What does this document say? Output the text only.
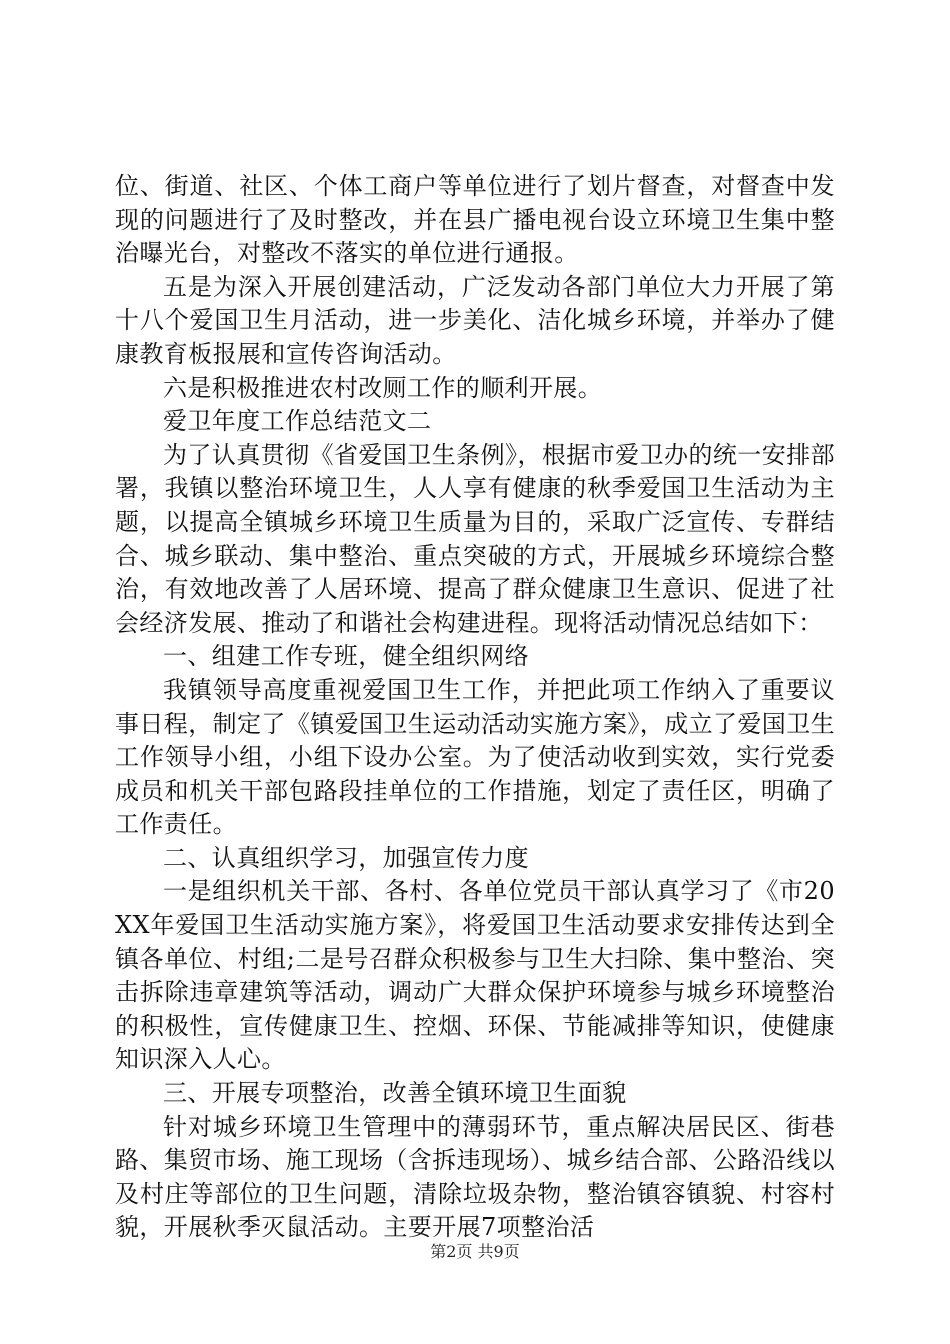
位、街道、社区、个体工商户等单位进行了划片督查，对督查中发现的问题进行了及时整改，并在县广播电视台设立环境卫生集中整治曝光台，对整改不落实的单位进行通报。

五是为深入开展创建活动，广泛发动各部门单位大力开展了第十八个爱国卫生月活动，进一步美化、洁化城乡环境，并举办了健康教育板报展和宣传咨询活动。

六是积极推进农村改厕工作的顺利开展。

爱卫年度工作总结范文二

为了认真贯彻《省爱国卫生条例》，根据市爱卫办的统一安排部署，我镇以整治环境卫生，人人享有健康的秋季爱国卫生活动为主题，以提高全镇城乡环境卫生质量为目的，采取广泛宣传、专群结合、城乡联动、集中整治、重点突破的方式，开展城乡环境综合整治，有效地改善了人居环境、提高了群众健康卫生意识、促进了社会经济发展、推动了和谐社会构建进程。现将活动情况总结如下：

一、组建工作专班，健全组织网络

我镇领导高度重视爱国卫生工作，并把此项工作纳入了重要议事日程，制定了《镇爱国卫生运动活动实施方案》，成立了爱国卫生工作领导小组，小组下设办公室。为了使活动收到实效，实行党委成员和机关干部包路段挂单位的工作措施，划定了责任区，明确了工作责任。

二、认真组织学习，加强宣传力度

一是组织机关干部、各村、各单位党员干部认真学习了《市20XX年爱国卫生活动实施方案》，将爱国卫生活动要求安排传达到全镇各单位、村组;二是号召群众积极参与卫生大扫除、集中整治、突击拆除违章建筑等活动，调动广大群众保护环境参与城乡环境整治的积极性，宣传健康卫生、控烟、环保、节能减排等知识，使健康知识深入人心。

三、开展专项整治，改善全镇环境卫生面貌

针对城乡环境卫生管理中的薄弱环节，重点解决居民区、街巷路、集贸市场、施工现场（含拆违现场）、城乡结合部、公路沿线以及村庄等部位的卫生问题，清除垃圾杂物，整治镇容镇貌、村容村貌，开展秋季灭鼠活动。主要开展7项整治活

第2页 共9页
